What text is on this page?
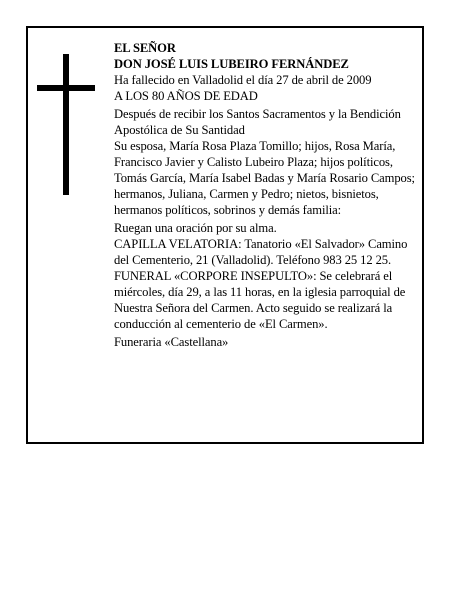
EL SEÑOR

DON JOSÉ LUIS LUBEIRO FERNÁNDEZ

Ha fallecido en Valladolid el día 27 de abril de 2009

A LOS 80 AÑOS DE EDAD

Después de recibir los Santos Sacramentos y la Bendición Apostólica de Su Santidad

Su esposa, María Rosa Plaza Tomillo; hijos, Rosa María, Francisco Javier y Calisto Lubeiro Plaza; hijos políticos, Tomás García, María Isabel Badas y María Rosario Campos; hermanos, Juliana, Carmen y Pedro; nietos, bisnietos, hermanos políticos, sobrinos y demás familia:

Ruegan una oración por su alma.

CAPILLA VELATORIA: Tanatorio «El Salvador» Camino del Cementerio, 21 (Valladolid). Teléfono 983 25 12 25.

FUNERAL «CORPORE INSEPULTO»: Se celebrará el miércoles, día 29, a las 11 horas, en la iglesia parroquial de Nuestra Señora del Carmen. Acto seguido se realizará la conducción al cementerio de «El Carmen».

Funeraria «Castellana»
